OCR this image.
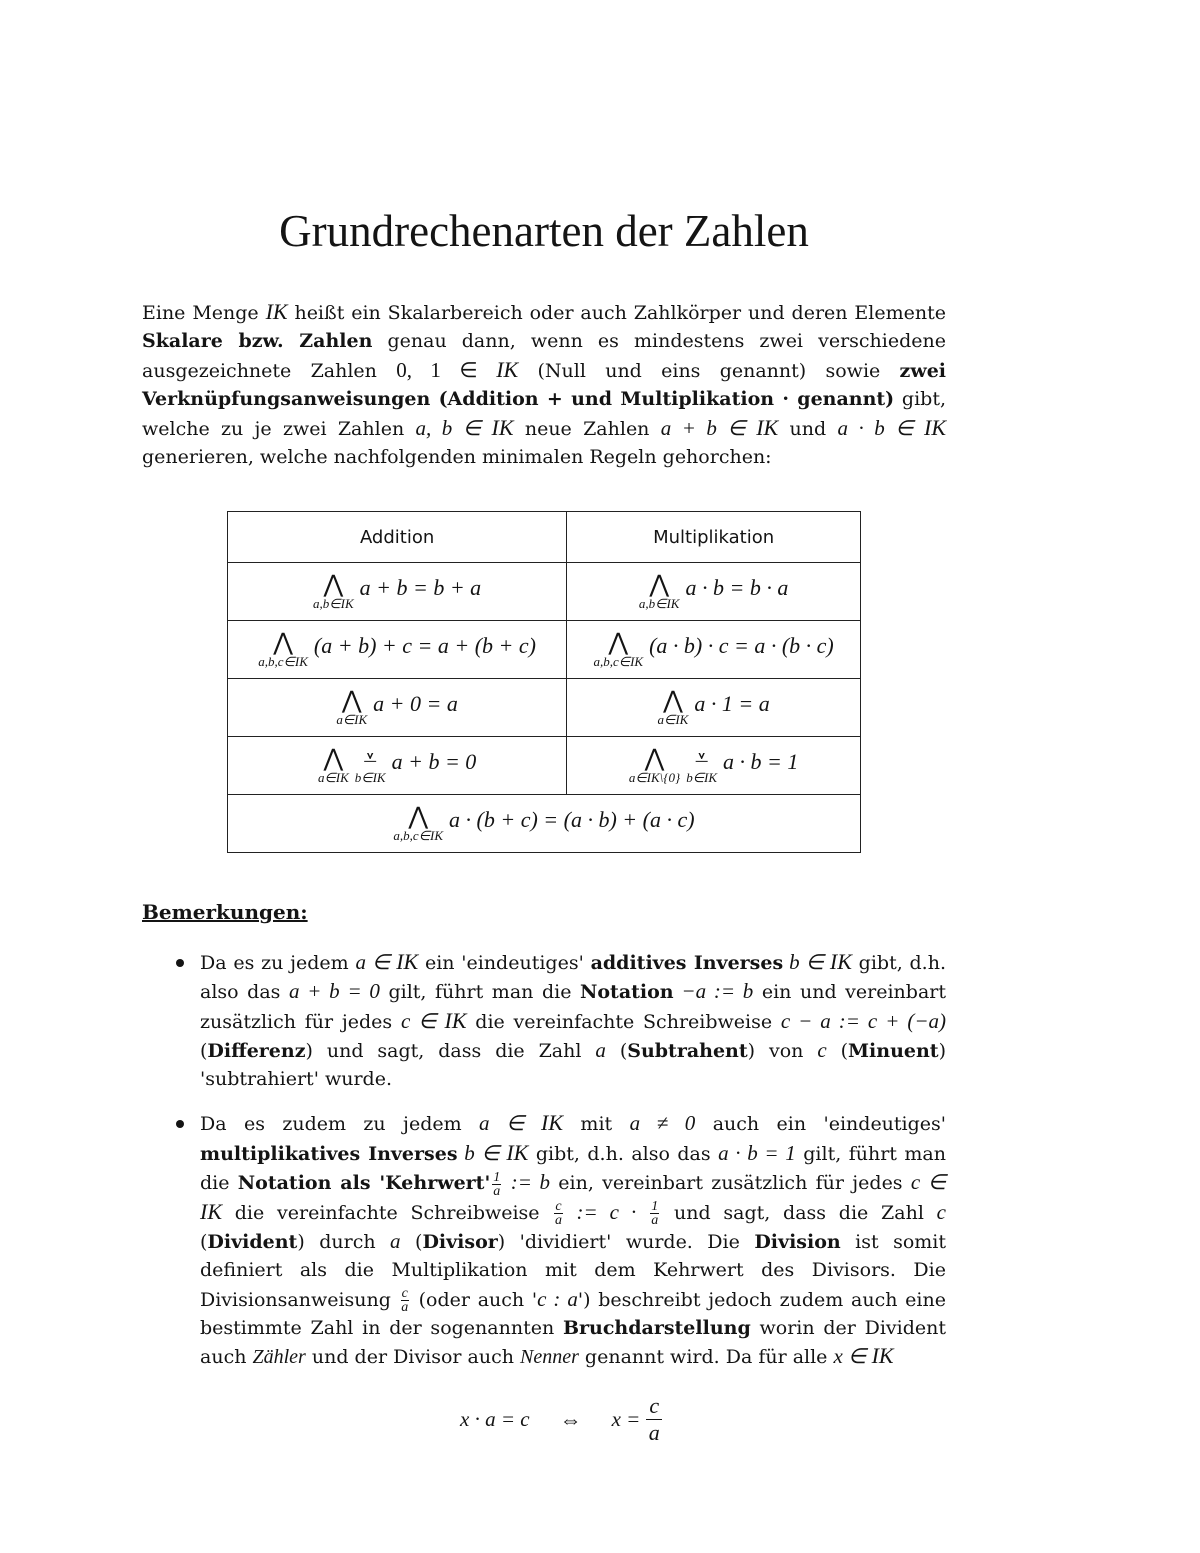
Grundrechenarten der Zahlen
Eine Menge IK heißt ein Skalarbereich oder auch Zahlkörper und deren Elemente Skalare bzw. Zahlen genau dann, wenn es mindestens zwei verschiedene ausgezeichnete Zahlen 0, 1 ∈ IK (Null und eins genannt) sowie zwei Verknüpfungsanweisungen (Addition + und Multiplikation · genannt) gibt, welche zu je zwei Zahlen a, b ∈ IK neue Zahlen a + b ∈ IK und a · b ∈ IK generieren, welche nachfolgenden minimalen Regeln gehorchen:
Addition	Multiplikation

⋀
a,b∈IK
a + b = b + a	⋀
a,b∈IK
a · b = b · a

⋀
a,b,c∈IK
(a + b) + c = a + (b + c)	⋀
a,b,c∈IK
(a · b) · c = a · (b · c)

⋀
a∈IK
a + 0 = a	⋀
a∈IK
a · 1 = a

⋀
a∈IK
⩡
b∈IK
a + b = 0	⋀
a∈IK\{0}
⩡
b∈IK
a · b = 1

⋀
a,b,c∈IK
a · (b + c) = (a · b) + (a · c)	
Bemerkungen:
Da es zu jedem a ∈ IK ein 'eindeutiges' additives Inverses b ∈ IK gibt, d.h. also das a + b = 0 gilt, führt man die Notation −a := b ein und vereinbart zusätzlich für jedes c ∈ IK die vereinfachte Schreibweise c − a := c + (−a) (Differenz) und sagt, dass die Zahl a (Subtrahent) von c (Minuent) 'subtrahiert' wurde.
Da es zudem zu jedem a ∈ IK mit a ≠ 0 auch ein 'eindeutiges' multiplikatives Inverses b ∈ IK gibt, d.h. also das a · b = 1 gilt, führt man die Notation als 'Kehrwert' $\frac{1}{a}$ := b ein, vereinbart zusätzlich für jedes c ∈ IK die vereinfachte Schreibweise $\frac{c}{a}$ := $c \cdot \frac{1}{a}$ und sagt, dass die Zahl c (Divident) durch a (Divisor) 'dividiert' wurde. Die Division ist somit definiert als die Multiplikation mit dem Kehrwert des Divisors. Die Divisionsanweisung $\frac{c}{a}$ (oder auch 'c : a') beschreibt jedoch zudem auch eine bestimmte Zahl in der sogenannten Bruchdarstellung worin der Divident auch Zähler und der Divisor auch Nenner genannt wird. Da für alle x ∈ IK
x · a = c ⇔ $x = \frac{c}{a}$
